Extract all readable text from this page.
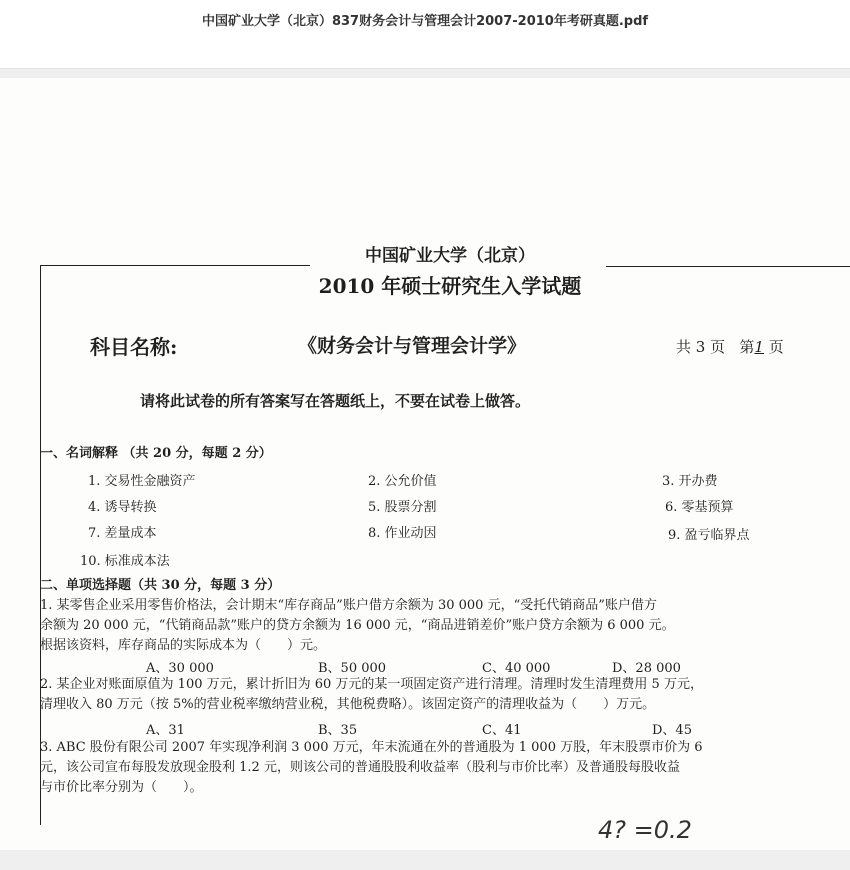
中国矿业大学（北京）837财务会计与管理会计2007-2010年考研真题.pdf
中国矿业大学（北京）
2010 年硕士研究生入学试题
科目名称:	《财务会计与管理会计学》	共 3 页 第1 页
请将此试卷的所有答案写在答题纸上，不要在试卷上做答。
一、名词解释 （共 20 分，每题 2 分）
1. 交易性金融资产	2. 公允价值	3. 开办费
4. 诱导转换	5. 股票分割	6. 零基预算
7. 差量成本	8. 作业动因	9. 盈亏临界点
10. 标准成本法
二、单项选择题（共 30 分，每题 3 分）
1. 某零售企业采用零售价格法，会计期末“库存商品”账户借方余额为 30 000 元，“受托代销商品”账户借方
余额为 20 000 元，“代销商品款”账户的贷方余额为 16 000 元，“商品进销差价”账户贷方余额为 6 000 元。
根据该资料，库存商品的实际成本为（　　）元。
A、30 000	B、50 000	C、40 000	D、28 000
2. 某企业对账面原值为 100 万元，累计折旧为 60 万元的某一项固定资产进行清理。清理时发生清理费用 5 万元，
清理收入 80 万元（按 5%的营业税率缴纳营业税，其他税费略）。该固定资产的清理收益为（　　）万元。
A、31	B、35	C、41	D、45
3. ABC 股份有限公司 2007 年实现净利润 3 000 万元，年末流通在外的普通股为 1 000 万股，年末股票市价为 6
元，该公司宣布每股发放现金股利 1.2 元，则该公司的普通股股利收益率（股利与市价比率）及普通股每股收益
与市价比率分别为（　　）。
4? =0.2
